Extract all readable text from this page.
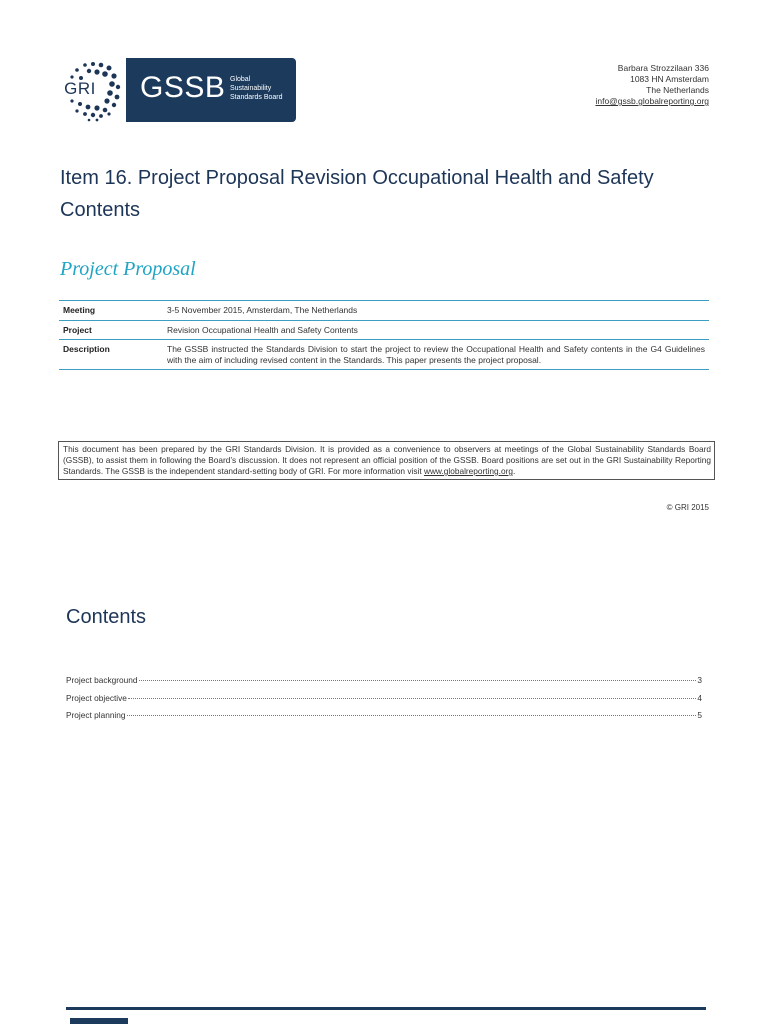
GRI GSSB Global
Sustainability
Standards Board
Barbara Strozzilaan 336
1083 HN Amsterdam
The Netherlands
info@gssb.globalreporting.org
Item 16. Project Proposal Revision Occupational Health and Safety Contents
Project Proposal
Meeting	3-5 November 2015, Amsterdam, The Netherlands
Project	Revision Occupational Health and Safety Contents
Description	The GSSB instructed the Standards Division to start the project to review the Occupational Health and Safety contents in the G4 Guidelines with the aim of including revised content in the Standards. This paper presents the project proposal.
This document has been prepared by the GRI Standards Division. It is provided as a convenience to observers at meetings of the Global Sustainability Standards Board (GSSB), to assist them in following the Board’s discussion. It does not represent an official position of the GSSB. Board positions are set out in the GRI Sustainability Reporting Standards. The GSSB is the independent standard-setting body of GRI. For more information visit www.globalreporting.org.
© GRI 2015
Contents
Project background	3
Project objective	4
Project planning	5
